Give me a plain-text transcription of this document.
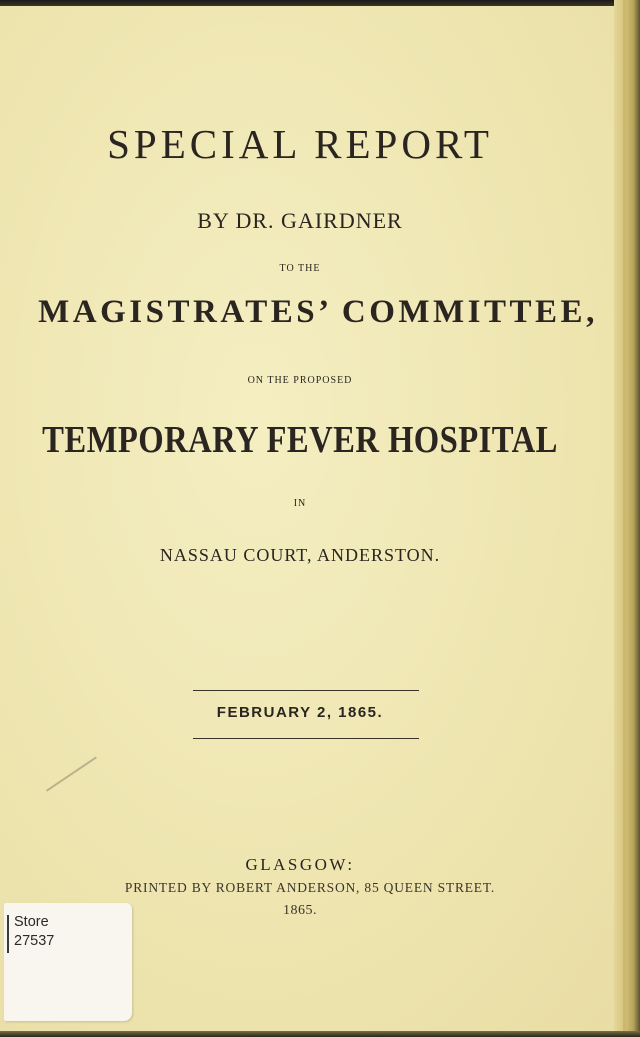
SPECIAL REPORT
BY DR. GAIRDNER
TO THE
MAGISTRATES’ COMMITTEE,
ON THE PROPOSED
TEMPORARY FEVER HOSPITAL
IN
NASSAU COURT, ANDERSTON.
FEBRUARY 2, 1865.
GLASGOW:
PRINTED BY ROBERT ANDERSON, 85 QUEEN STREET.
1865.
Store
27537
